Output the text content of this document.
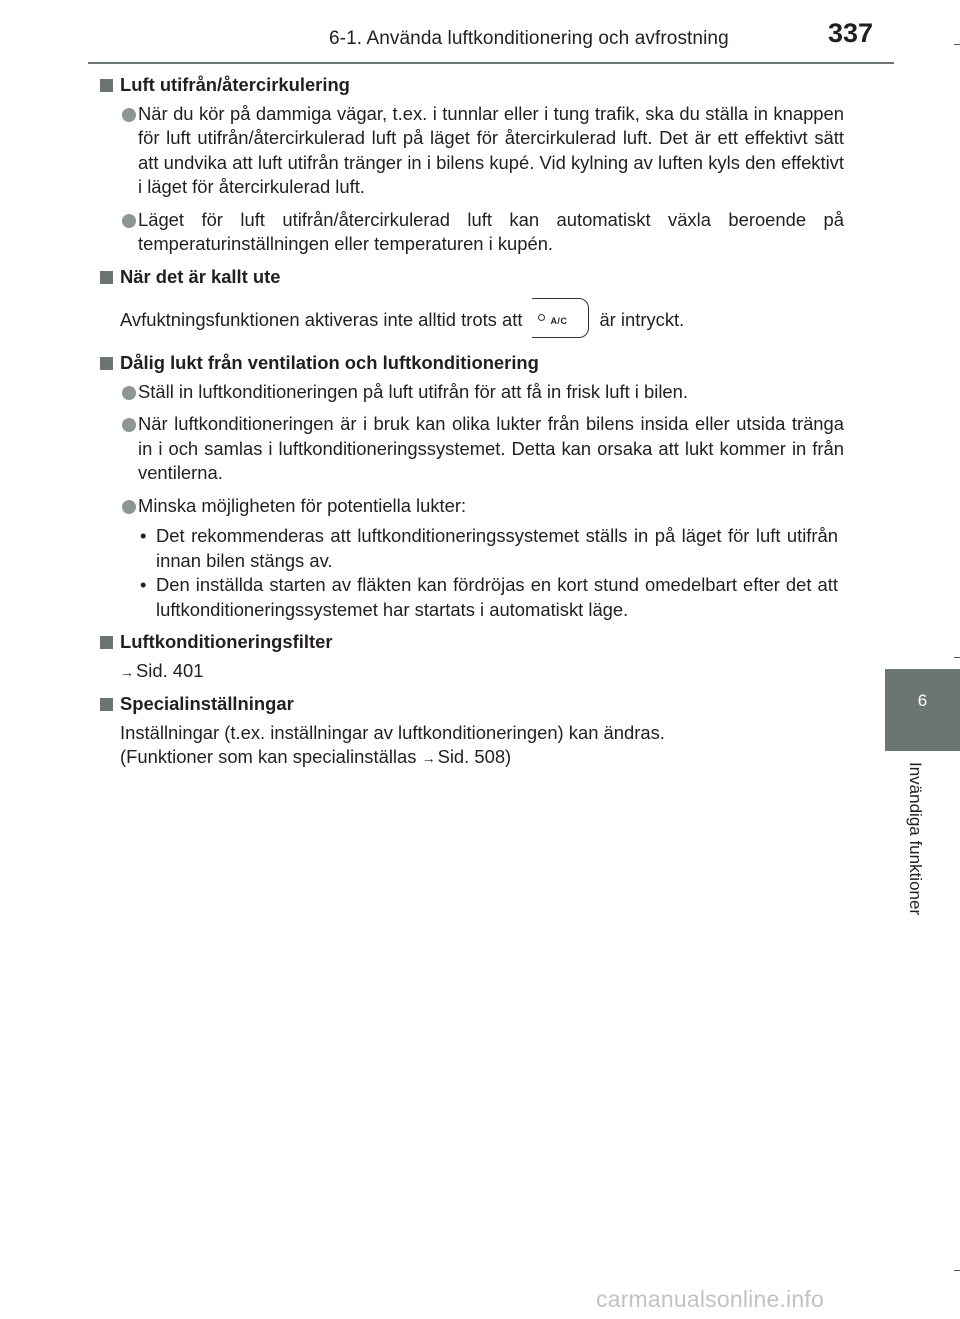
6-1. Använda luftkonditionering och avfrostning	337
6
Invändiga funktioner
Luft utifrån/återcirkulering
När du kör på dammiga vägar, t.ex. i tunnlar eller i tung trafik, ska du ställa in knappen för luft utifrån/återcirkulerad luft på läget för återcirkulerad luft. Det är ett effektivt sätt att undvika att luft utifrån tränger in i bilens kupé. Vid kylning av luften kyls den effektivt i läget för återcirkulerad luft.
Läget för luft utifrån/återcirkulerad luft kan automatiskt växla beroende på temperaturinställningen eller temperaturen i kupén.
När det är kallt ute
Avfuktningsfunktionen aktiveras inte alltid trots att	A/C är intryckt.
Dålig lukt från ventilation och luftkonditionering
Ställ in luftkonditioneringen på luft utifrån för att få in frisk luft i bilen.
När luftkonditioneringen är i bruk kan olika lukter från bilens insida eller utsida tränga in i och samlas i luftkonditioneringssystemet. Detta kan orsaka att lukt kommer in från ventilerna.
Minska möjligheten för potentiella lukter:
• Det rekommenderas att luftkonditioneringssystemet ställs in på läget för luft utifrån innan bilen stängs av.
• Den inställda starten av fläkten kan fördröjas en kort stund omedelbart efter det att luftkonditioneringssystemet har startats i automatiskt läge.
Luftkonditioneringsfilter
→ Sid. 401
Specialinställningar
Inställningar (t.ex. inställningar av luftkonditioneringen) kan ändras.
(Funktioner som kan specialinställas → Sid. 508)
carmanualsonline.info
